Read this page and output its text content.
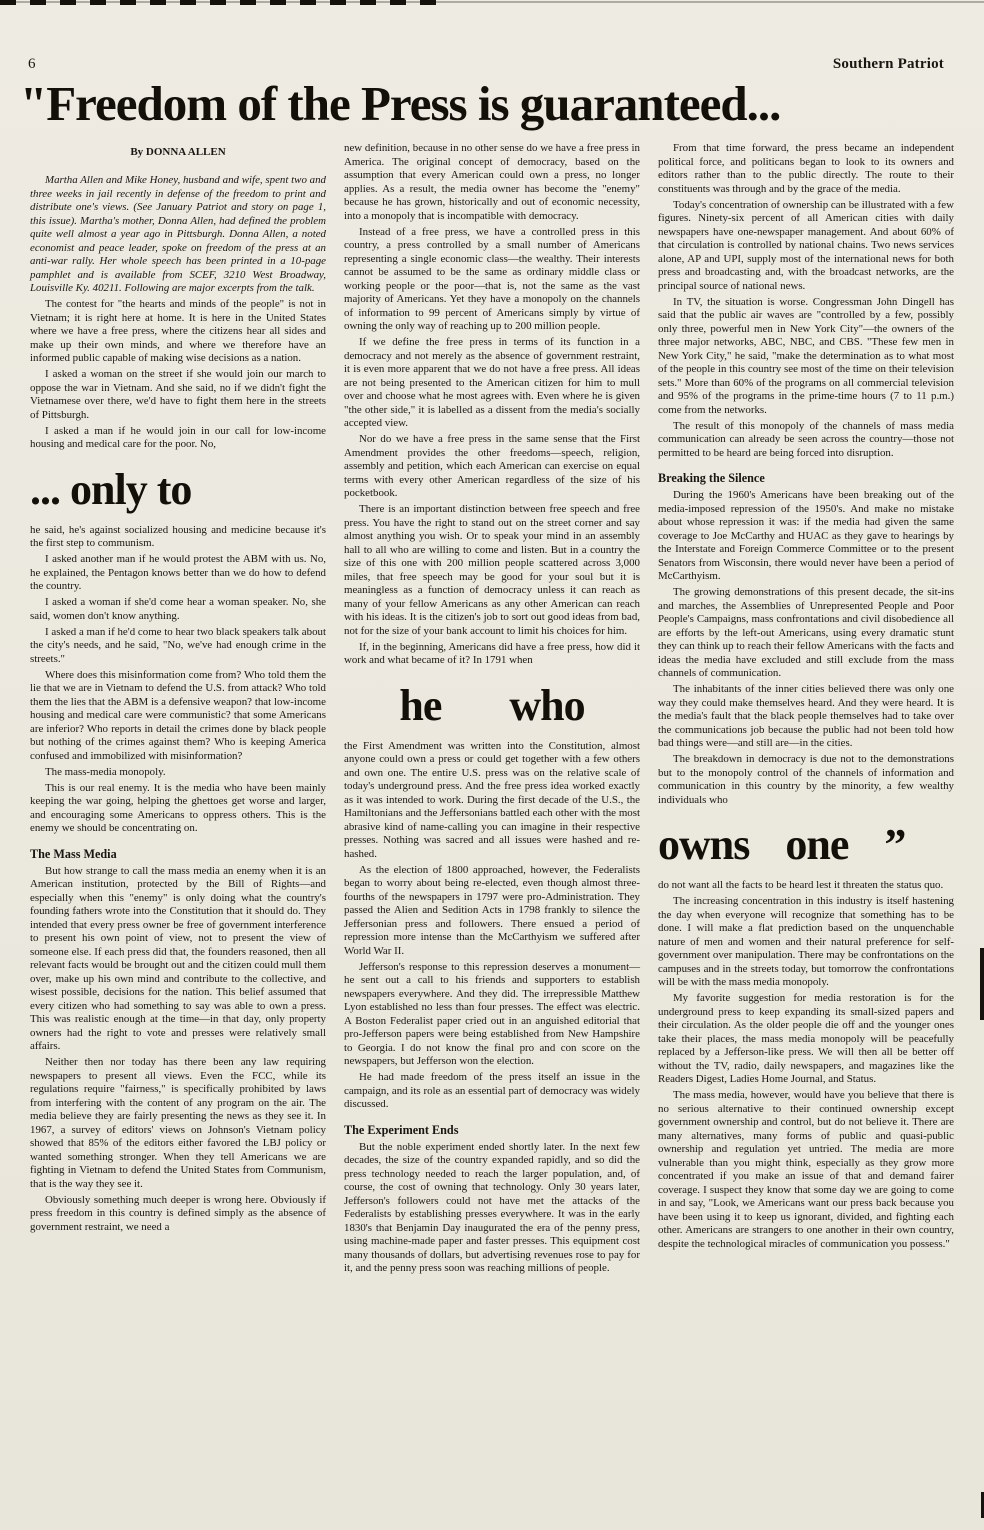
6	Southern Patriot
"Freedom of the Press is guaranteed...
By DONNA ALLEN

Martha Allen and Mike Honey, husband and wife, spent two and three weeks in jail recently in defense of the freedom to print and distribute one's views. (See January Patriot and story on page 1, this issue). Martha's mother, Donna Allen, had defined the problem quite well almost a year ago in Pittsburgh. Donna Allen, a noted economist and peace leader, spoke on freedom of the press at an anti-war rally. Her whole speech has been printed in a 10-page pamphlet and is available from SCEF, 3210 West Broadway, Louisville Ky. 40211. Following are major excerpts from the talk.

The contest for "the hearts and minds of the people" is not in Vietnam; it is right here at home. It is here in the United States where we have a free press, where the citizens hear all sides and make up their own minds, and where we therefore have an informed public capable of making wise decisions as a nation.

I asked a woman on the street if she would join our march to oppose the war in Vietnam. And she said, no if we didn't fight the Vietnamese over there, we'd have to fight them here in the streets of Pittsburgh.

I asked a man if he would join in our call for low-income housing and medical care for the poor. No,

... only to

he said, he's against socialized housing and medicine because it's the first step to communism.

I asked another man if he would protest the ABM with us. No, he explained, the Pentagon knows better than we do how to defend the country.

I asked a woman if she'd come hear a woman speaker. No, she said, women don't know anything.

I asked a man if he'd come to hear two black speakers talk about the city's needs, and he said, "No, we've had enough crime in the streets."

Where does this misinformation come from? Who told them the lie that we are in Vietnam to defend the U.S. from attack? Who told them the lies that the ABM is a defensive weapon? that low-income housing and medical care were communistic? that some Americans are inferior? Who reports in detail the crimes done by black people but nothing of the crimes against them? Who is keeping America confused and immobilized with misinformation?

The mass-media monopoly.

This is our real enemy. It is the media who have been mainly keeping the war going, helping the ghettoes get worse and larger, and encouraging some Americans to oppress others. This is the enemy we should be concentrating on.

The Mass Media

But how strange to call the mass media an enemy when it is an American institution, protected by the Bill of Rights—and especially when this "enemy" is only doing what the country's founding fathers wrote into the Constitution that it should do. They intended that every press owner be free of government interference to present his own point of view, not to present the view of someone else. If each press did that, the founders reasoned, then all relevant facts would be brought out and the citizen could mull them over, make up his own mind and contribute to the collective, and wisest possible, decisions for the nation. This belief assumed that every citizen who had something to say was able to own a press. This was realistic enough at the time—in that day, only property owners had the right to vote and presses were relatively small affairs.

Neither then nor today has there been any law requiring newspapers to present all views. Even the FCC, while its regulations require "fairness," is specifically prohibited by laws from interfering with the content of any program on the air. The media believe they are fairly presenting the news as they see it. In 1967, a survey of editors' views on Johnson's Vietnam policy showed that 85% of the editors either favored the LBJ policy or wanted something stronger. When they tell Americans we are fighting in Vietnam to defend the United States from Communism, that is the way they see it.

Obviously something much deeper is wrong here. Obviously if press freedom in this country is defined simply as the absence of government restraint, we need a

new definition, because in no other sense do we have a free press in America. The original concept of democracy, based on the assumption that every American could own a press, no longer applies. As a result, the media owner has become the "enemy" because he has grown, historically and out of economic necessity, into a monopoly that is incompatible with democracy.

Instead of a free press, we have a controlled press in this country, a press controlled by a small number of Americans representing a single economic class—the wealthy. Their interests cannot be assumed to be the same as ordinary middle class or working people or the poor—that is, not the same as the vast majority of Americans. Yet they have a monopoly on the channels of information to 99 percent of Americans simply by virtue of owning the only way of reaching up to 200 million people.

If we define the free press in terms of its function in a democracy and not merely as the absence of government restraint, it is even more apparent that we do not have a free press. All ideas are not being presented to the American citizen for him to mull over and choose what he most agrees with. Even where he is given "the other side," it is labelled as a dissent from the media's socially accepted view.

Nor do we have a free press in the same sense that the First Amendment provides the other freedoms—speech, religion, assembly and petition, which each American can exercise on equal terms with every other American regardless of the size of his pocketbook.

There is an important distinction between free speech and free press. You have the right to stand out on the street corner and say almost anything you wish. Or to speak your mind in an assembly hall to all who are willing to come and listen. But in a country the size of this one with 200 million people scattered across 3,000 miles, that free speech may be good for your soul but it is meaningless as a function of democracy unless it can reach as many of your fellow Americans as any other American can reach with his ideas. It is the citizen's job to sort out good ideas from bad, not for the size of your bank account to limit his choices for him.

If, in the beginning, Americans did have a free press, how did it work and what became of it? In 1791 when

he who

the First Amendment was written into the Constitution, almost anyone could own a press or could get together with a few others and own one. The entire U.S. press was on the relative scale of today's underground press. And the free press idea worked exactly as it was intended to work. During the first decade of the U.S., the Hamiltonians and the Jeffersonians battled each other with the most abrasive kind of name-calling you can imagine in their respective presses. Nothing was sacred and all issues were hashed and re-hashed.

As the election of 1800 approached, however, the Federalists began to worry about being re-elected, even though almost three-fourths of the newspapers in 1797 were pro-Administration. They passed the Alien and Sedition Acts in 1798 frankly to silence the Jeffersonian press and followers. There ensued a period of repression more intense than the McCarthyism we suffered after World War II.

Jefferson's response to this repression deserves a monument—he sent out a call to his friends and supporters to establish newspapers everywhere. And they did. The irrepressible Matthew Lyon established no less than four presses. The effect was electric. A Boston Federalist paper cried out in an anguished editorial that pro-Jefferson papers were being established from New Hampshire to Georgia. I do not know the final pro and con score on the newspapers, but Jefferson won the election.

He had made freedom of the press itself an issue in the campaign, and its role as an essential part of democracy was widely discussed.

The Experiment Ends

But the noble experiment ended shortly later. In the next few decades, the size of the country expanded rapidly, and so did the press technology needed to reach the larger population, and, of course, the cost of owning that technology. Only 30 years later, Jefferson's followers could not have met the attacks of the Federalists by establishing presses everywhere. It was in the early 1830's that Benjamin Day inaugurated the era of the penny press, using machine-made paper and faster presses. This equipment cost many thousands of dollars, but advertising revenues rose to pay for it, and the penny press soon was reaching millions of people.

From that time forward, the press became an independent political force, and politicans began to look to its owners and editors rather than to the public directly. The route to their constituents was through and by the grace of the media.

Today's concentration of ownership can be illustrated with a few figures. Ninety-six percent of all American cities with daily newspapers have one-newspaper management. And about 60% of that circulation is controlled by national chains. Two news services alone, AP and UPI, supply most of the international news for both press and broadcasting and, with the broadcast networks, are the principal source of national news.

In TV, the situation is worse. Congressman John Dingell has said that the public air waves are "controlled by a few, possibly only three, powerful men in New York City"—the owners of the three major networks, ABC, NBC, and CBS. "These few men in New York City," he said, "make the determination as to what most of the people in this country see most of the time on their television sets." More than 60% of the programs on all commercial television and 95% of the programs in the prime-time hours (7 to 11 p.m.) come from the networks.

The result of this monopoly of the channels of mass media communication can already be seen across the country—those not permitted to be heard are being forced into disruption.

Breaking the Silence

During the 1960's Americans have been breaking out of the media-imposed repression of the 1950's. And make no mistake about whose repression it was: if the media had given the same coverage to Joe McCarthy and HUAC as they gave to hearings by the Interstate and Foreign Commerce Committee or to the present Senators from Wisconsin, there would never have been a period of McCarthyism.

The growing demonstrations of this present decade, the sit-ins and marches, the Assemblies of Unrepresented People and Poor People's Campaigns, mass confrontations and civil disobedience all are efforts by the left-out Americans, using every dramatic stunt they can think up to reach their fellow Americans with the facts and ideas the media have excluded and still exclude from the mass channels of communication.

The inhabitants of the inner cities believed there was only one way they could make themselves heard. And they were heard. It is the media's fault that the black people themselves had to take over the communications job because the public had not been told how bad things were—and still are—in the cities.

The breakdown in democracy is due not to the demonstrations but to the monopoly control of the channels of information and communication in this country by the minority, a few wealthy individuals who

owns one ”

do not want all the facts to be heard lest it threaten the status quo.

The increasing concentration in this industry is itself hastening the day when everyone will recognize that something has to be done. I will make a flat prediction based on the unquenchable nature of men and women and their natural preference for self-government over manipulation. There may be confrontations on the campuses and in the streets today, but tomorrow the confrontations will be with the mass media monopoly.

My favorite suggestion for media restoration is for the underground press to keep expanding its small-sized papers and their circulation. As the older people die off and the younger ones take their places, the mass media monopoly will be peacefully replaced by a Jefferson-like press. We will then all be better off without the TV, radio, daily newspapers, and magazines like the Readers Digest, Ladies Home Journal, and Status.

The mass media, however, would have you believe that there is no serious alternative to their continued ownership except government ownership and control, but do not believe it. There are many alternatives, many forms of public and quasi-public ownership and regulation yet untried. The media are more vulnerable than you might think, especially as they grow more concentrated if you make an issue of that and demand fairer coverage. I suspect they know that some day we are going to come in and say, "Look, we Americans want our press back because you have been using it to keep us ignorant, divided, and fighting each other. Americans are strangers to one another in their own country, despite the technological miracles of communication you possess."
